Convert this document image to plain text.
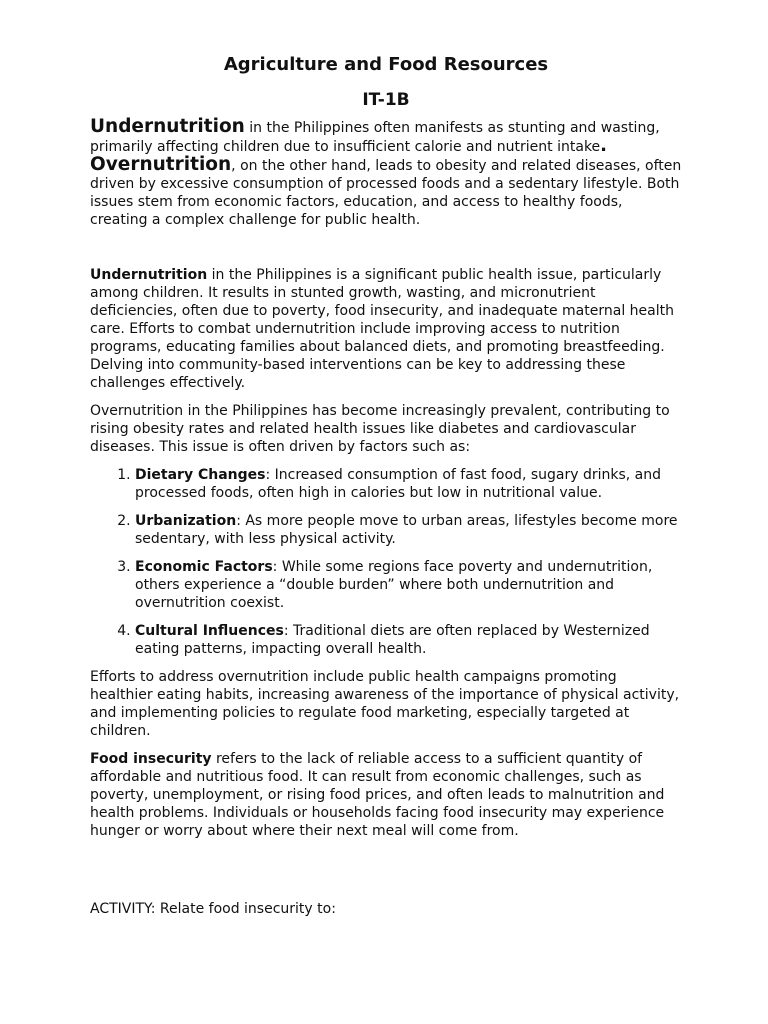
Agriculture and Food Resources
IT-1B
Undernutrition in the Philippines often manifests as stunting and wasting, primarily affecting children due to insufficient calorie and nutrient intake.
Overnutrition, on the other hand, leads to obesity and related diseases, often driven by excessive consumption of processed foods and a sedentary lifestyle. Both issues stem from economic factors, education, and access to healthy foods, creating a complex challenge for public health.

Undernutrition in the Philippines is a significant public health issue, particularly among children. It results in stunted growth, wasting, and micronutrient deficiencies, often due to poverty, food insecurity, and inadequate maternal health care. Efforts to combat undernutrition include improving access to nutrition programs, educating families about balanced diets, and promoting breastfeeding. Delving into community-based interventions can be key to addressing these challenges effectively.

Overnutrition in the Philippines has become increasingly prevalent, contributing to rising obesity rates and related health issues like diabetes and cardiovascular diseases. This issue is often driven by factors such as:

1. Dietary Changes: Increased consumption of fast food, sugary drinks, and processed foods, often high in calories but low in nutritional value.
2. Urbanization: As more people move to urban areas, lifestyles become more sedentary, with less physical activity.
3. Economic Factors: While some regions face poverty and undernutrition, others experience a “double burden” where both undernutrition and overnutrition coexist.
4. Cultural Influences: Traditional diets are often replaced by Westernized eating patterns, impacting overall health.

Efforts to address overnutrition include public health campaigns promoting healthier eating habits, increasing awareness of the importance of physical activity, and implementing policies to regulate food marketing, especially targeted at children.

Food insecurity refers to the lack of reliable access to a sufficient quantity of affordable and nutritious food. It can result from economic challenges, such as poverty, unemployment, or rising food prices, and often leads to malnutrition and health problems. Individuals or households facing food insecurity may experience hunger or worry about where their next meal will come from.

ACTIVITY: Relate food insecurity to:
